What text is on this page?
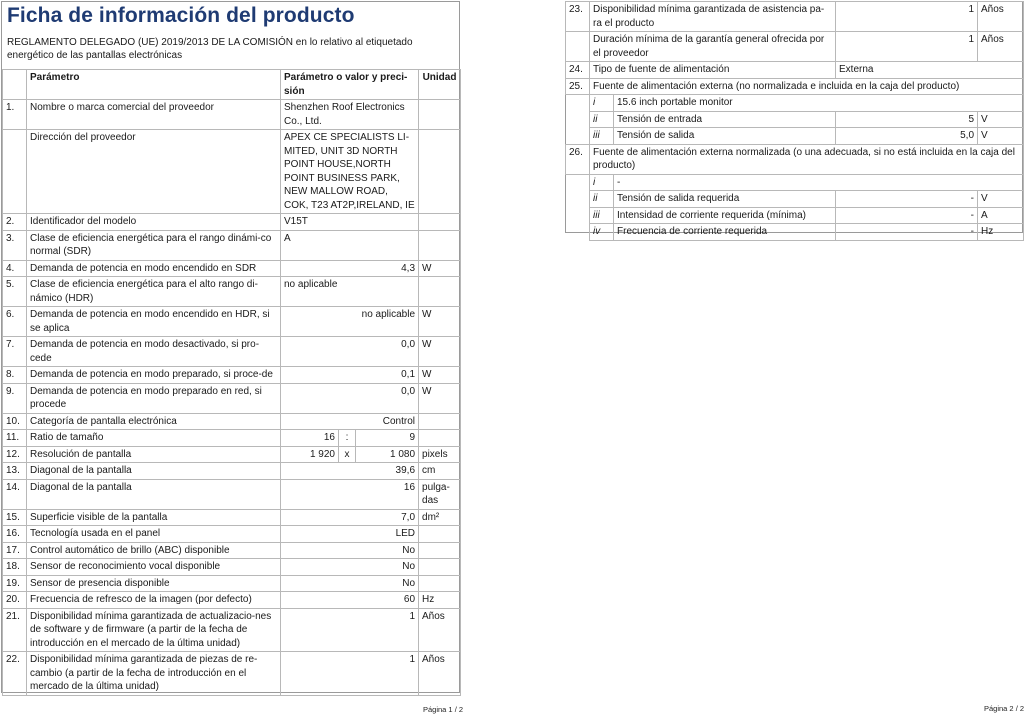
Ficha de información del producto
REGLAMENTO DELEGADO (UE) 2019/2013 DE LA COMISIÓN en lo relativo al etiquetado energético de las pantallas electrónicas
	Parámetro	Parámetro o valor y preci-sión			Unidad
1.	Nombre o marca comercial del proveedor	Shenzhen Roof Electronics Co., Ltd.			
	Dirección del proveedor	APEX CE SPECIALISTS LI-MITED, UNIT 3D NORTH POINT HOUSE,NORTH POINT BUSINESS PARK, NEW MALLOW ROAD, COK, T23 AT2P,IRELAND, IE			
2.	Identificador del modelo	V15T			
3.	Clase de eficiencia energética para el rango dinámi-co normal (SDR)	A			
4.	Demanda de potencia en modo encendido en SDR	4,3			W
5.	Clase de eficiencia energética para el alto rango di-námico (HDR)	no aplicable			
6.	Demanda de potencia en modo encendido en HDR, si se aplica	no aplicable			W
7.	Demanda de potencia en modo desactivado, si pro-cede	0,0			W
8.	Demanda de potencia en modo preparado, si proce-de	0,1			W
9.	Demanda de potencia en modo preparado en red, si procede	0,0			W
10.	Categoría de pantalla electrónica	Control			
11.	Ratio de tamaño	16	:	9	
12.	Resolución de pantalla	1 920	x	1 080	pixels
13.	Diagonal de la pantalla	39,6			cm
14.	Diagonal de la pantalla	16			pulga-das
15.	Superficie visible de la pantalla	7,0			dm²
16.	Tecnología usada en el panel	LED			
17.	Control automático de brillo (ABC) disponible	No			
18.	Sensor de reconocimiento vocal disponible	No			
19.	Sensor de presencia disponible	No			
20.	Frecuencia de refresco de la imagen (por defecto)	60			Hz
21.	Disponibilidad mínima garantizada de actualizacio-nes de software y de firmware (a partir de la fecha de introducción en el mercado de la última unidad)	1			Años
22.	Disponibilidad mínima garantizada de piezas de re-cambio (a partir de la fecha de introducción en el mercado de la última unidad)	1			Años
Página 1 / 2
23.	Disponibilidad mínima garantizada de asistencia pa-ra el producto		1	Años
	Duración mínima de la garantía general ofrecida por el proveedor		1	Años
24.	Tipo de fuente de alimentación		Externa	
25.	Fuente de alimentación externa (no normalizada e incluida en la caja del producto)			
	i	15.6 inch portable monitor		
	ii	Tensión de entrada	5	V
	iii	Tensión de salida	5,0	V
26.	Fuente de alimentación externa normalizada (o una adecuada, si no está incluida en la caja del producto)			
	i	-		
	ii	Tensión de salida requerida	-	V
	iii	Intensidad de corriente requerida (mínima)	-	A
	iv	Frecuencia de corriente requerida	-	Hz
Página 2 / 2
